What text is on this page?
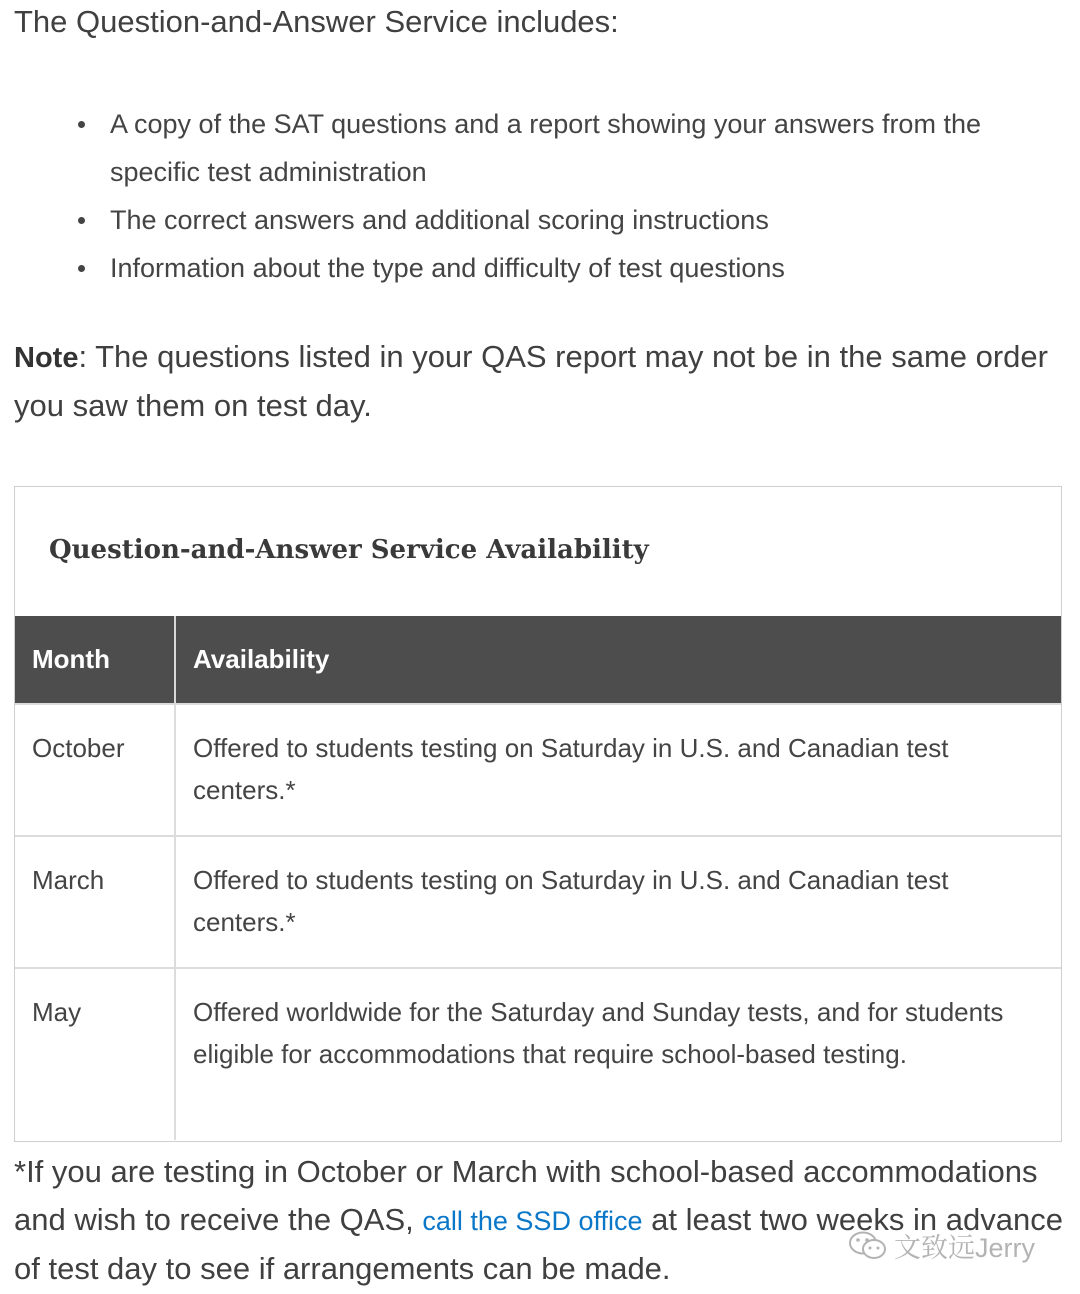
The Question-and-Answer Service includes:

A copy of the SAT questions and a report showing your answers from the specific test administration
The correct answers and additional scoring instructions
Information about the type and difficulty of test questions

Note: The questions listed in your QAS report may not be in the same order you saw them on test day.

Question-and-Answer Service Availability
Month	Availability
October	Offered to students testing on Saturday in U.S. and Canadian test centers.*
March	Offered to students testing on Saturday in U.S. and Canadian test centers.*
May	Offered worldwide for the Saturday and Sunday tests, and for students eligible for accommodations that require school-based testing.

*If you are testing in October or March with school-based accommodations and wish to receive the QAS, call the SSD office at least two weeks in advance of test day to see if arrangements can be made.

文致远Jerry
